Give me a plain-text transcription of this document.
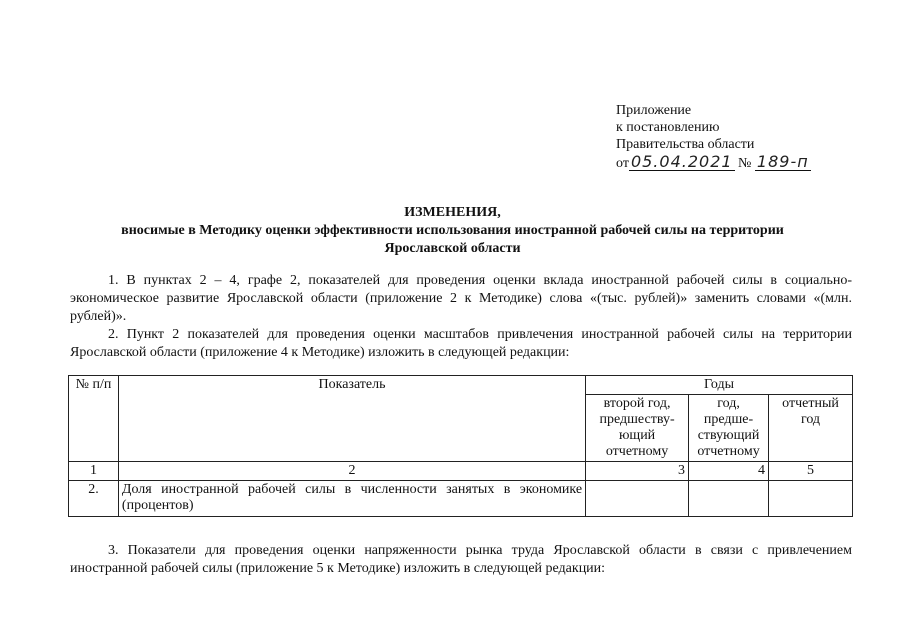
Приложение
к постановлению
Правительства области
от 05.04.2021 № 189-п
ИЗМЕНЕНИЯ,
вносимые в Методику оценки эффективности использования иностранной рабочей силы на территории
Ярославской области
1. В пунктах 2 – 4, графе 2, показателей для проведения оценки вклада иностранной рабочей силы в социально-экономическое развитие Ярославской области (приложение 2 к Методике) слова «(тыс. рублей)» заменить словами «(млн. рублей)».
2. Пункт 2 показателей для проведения оценки масштабов привлечения иностранной рабочей силы на территории Ярославской области (приложение 4 к Методике) изложить в следующей редакции:
№ п/п	Показатель	Годы		
		второй год, предшеству-ющий отчетному	год, предше-ствующий отчетному	отчетный год
1	2	3	4	5
2.	Доля иностранной рабочей силы в численности занятых в экономике (процентов)			
3. Показатели для проведения оценки напряженности рынка труда Ярославской области в связи с привлечением иностранной рабочей силы (приложение 5 к Методике) изложить в следующей редакции:
